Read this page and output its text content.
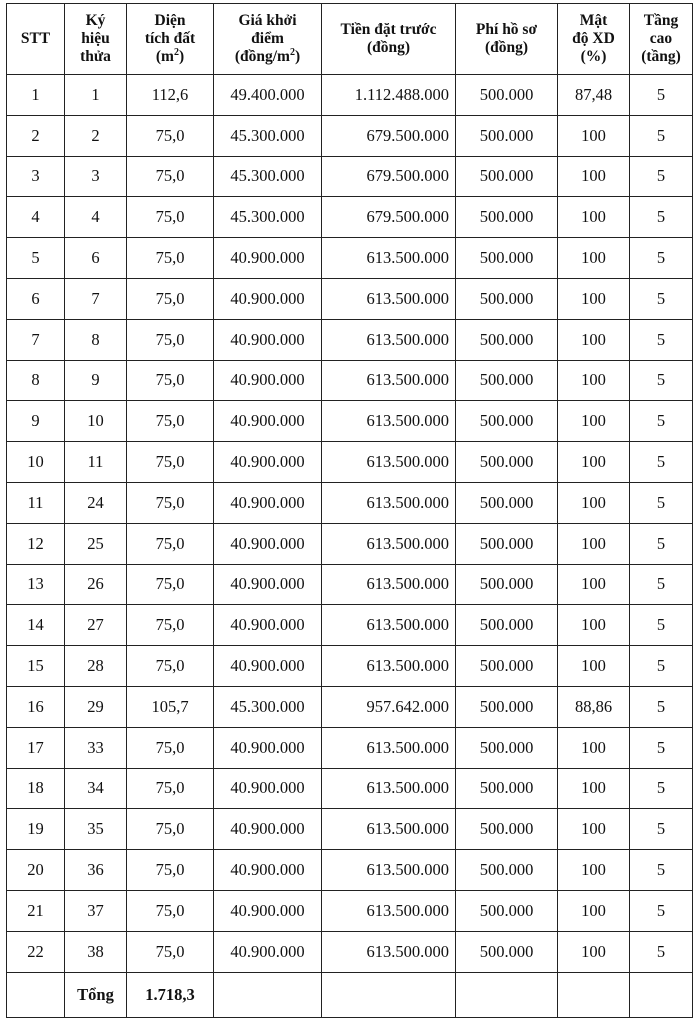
STT	Ký
hiệu
thửa	Diện
tích đất
$(m^2)$	Giá khởi
điểm
$(đồng/m^2)$	Tiền đặt trước
(đồng)	Phí hồ sơ
(đồng)	Mật
độ XD
(%)	Tầng
cao
(tầng)

1	1	112,6	49.400.000	1.112.488.000	500.000	87,48	5
2	2	75,0	45.300.000	679.500.000	500.000	100	5
3	3	75,0	45.300.000	679.500.000	500.000	100	5
4	4	75,0	45.300.000	679.500.000	500.000	100	5
5	6	75,0	40.900.000	613.500.000	500.000	100	5
6	7	75,0	40.900.000	613.500.000	500.000	100	5
7	8	75,0	40.900.000	613.500.000	500.000	100	5
8	9	75,0	40.900.000	613.500.000	500.000	100	5
9	10	75,0	40.900.000	613.500.000	500.000	100	5
10	11	75,0	40.900.000	613.500.000	500.000	100	5
11	24	75,0	40.900.000	613.500.000	500.000	100	5
12	25	75,0	40.900.000	613.500.000	500.000	100	5
13	26	75,0	40.900.000	613.500.000	500.000	100	5
14	27	75,0	40.900.000	613.500.000	500.000	100	5
15	28	75,0	40.900.000	613.500.000	500.000	100	5
16	29	105,7	45.300.000	957.642.000	500.000	88,86	5
17	33	75,0	40.900.000	613.500.000	500.000	100	5
18	34	75,0	40.900.000	613.500.000	500.000	100	5
19	35	75,0	40.900.000	613.500.000	500.000	100	5
20	36	75,0	40.900.000	613.500.000	500.000	100	5
21	37	75,0	40.900.000	613.500.000	500.000	100	5
22	38	75,0	40.900.000	613.500.000	500.000	100	5
	Tổng	1.718,3					
